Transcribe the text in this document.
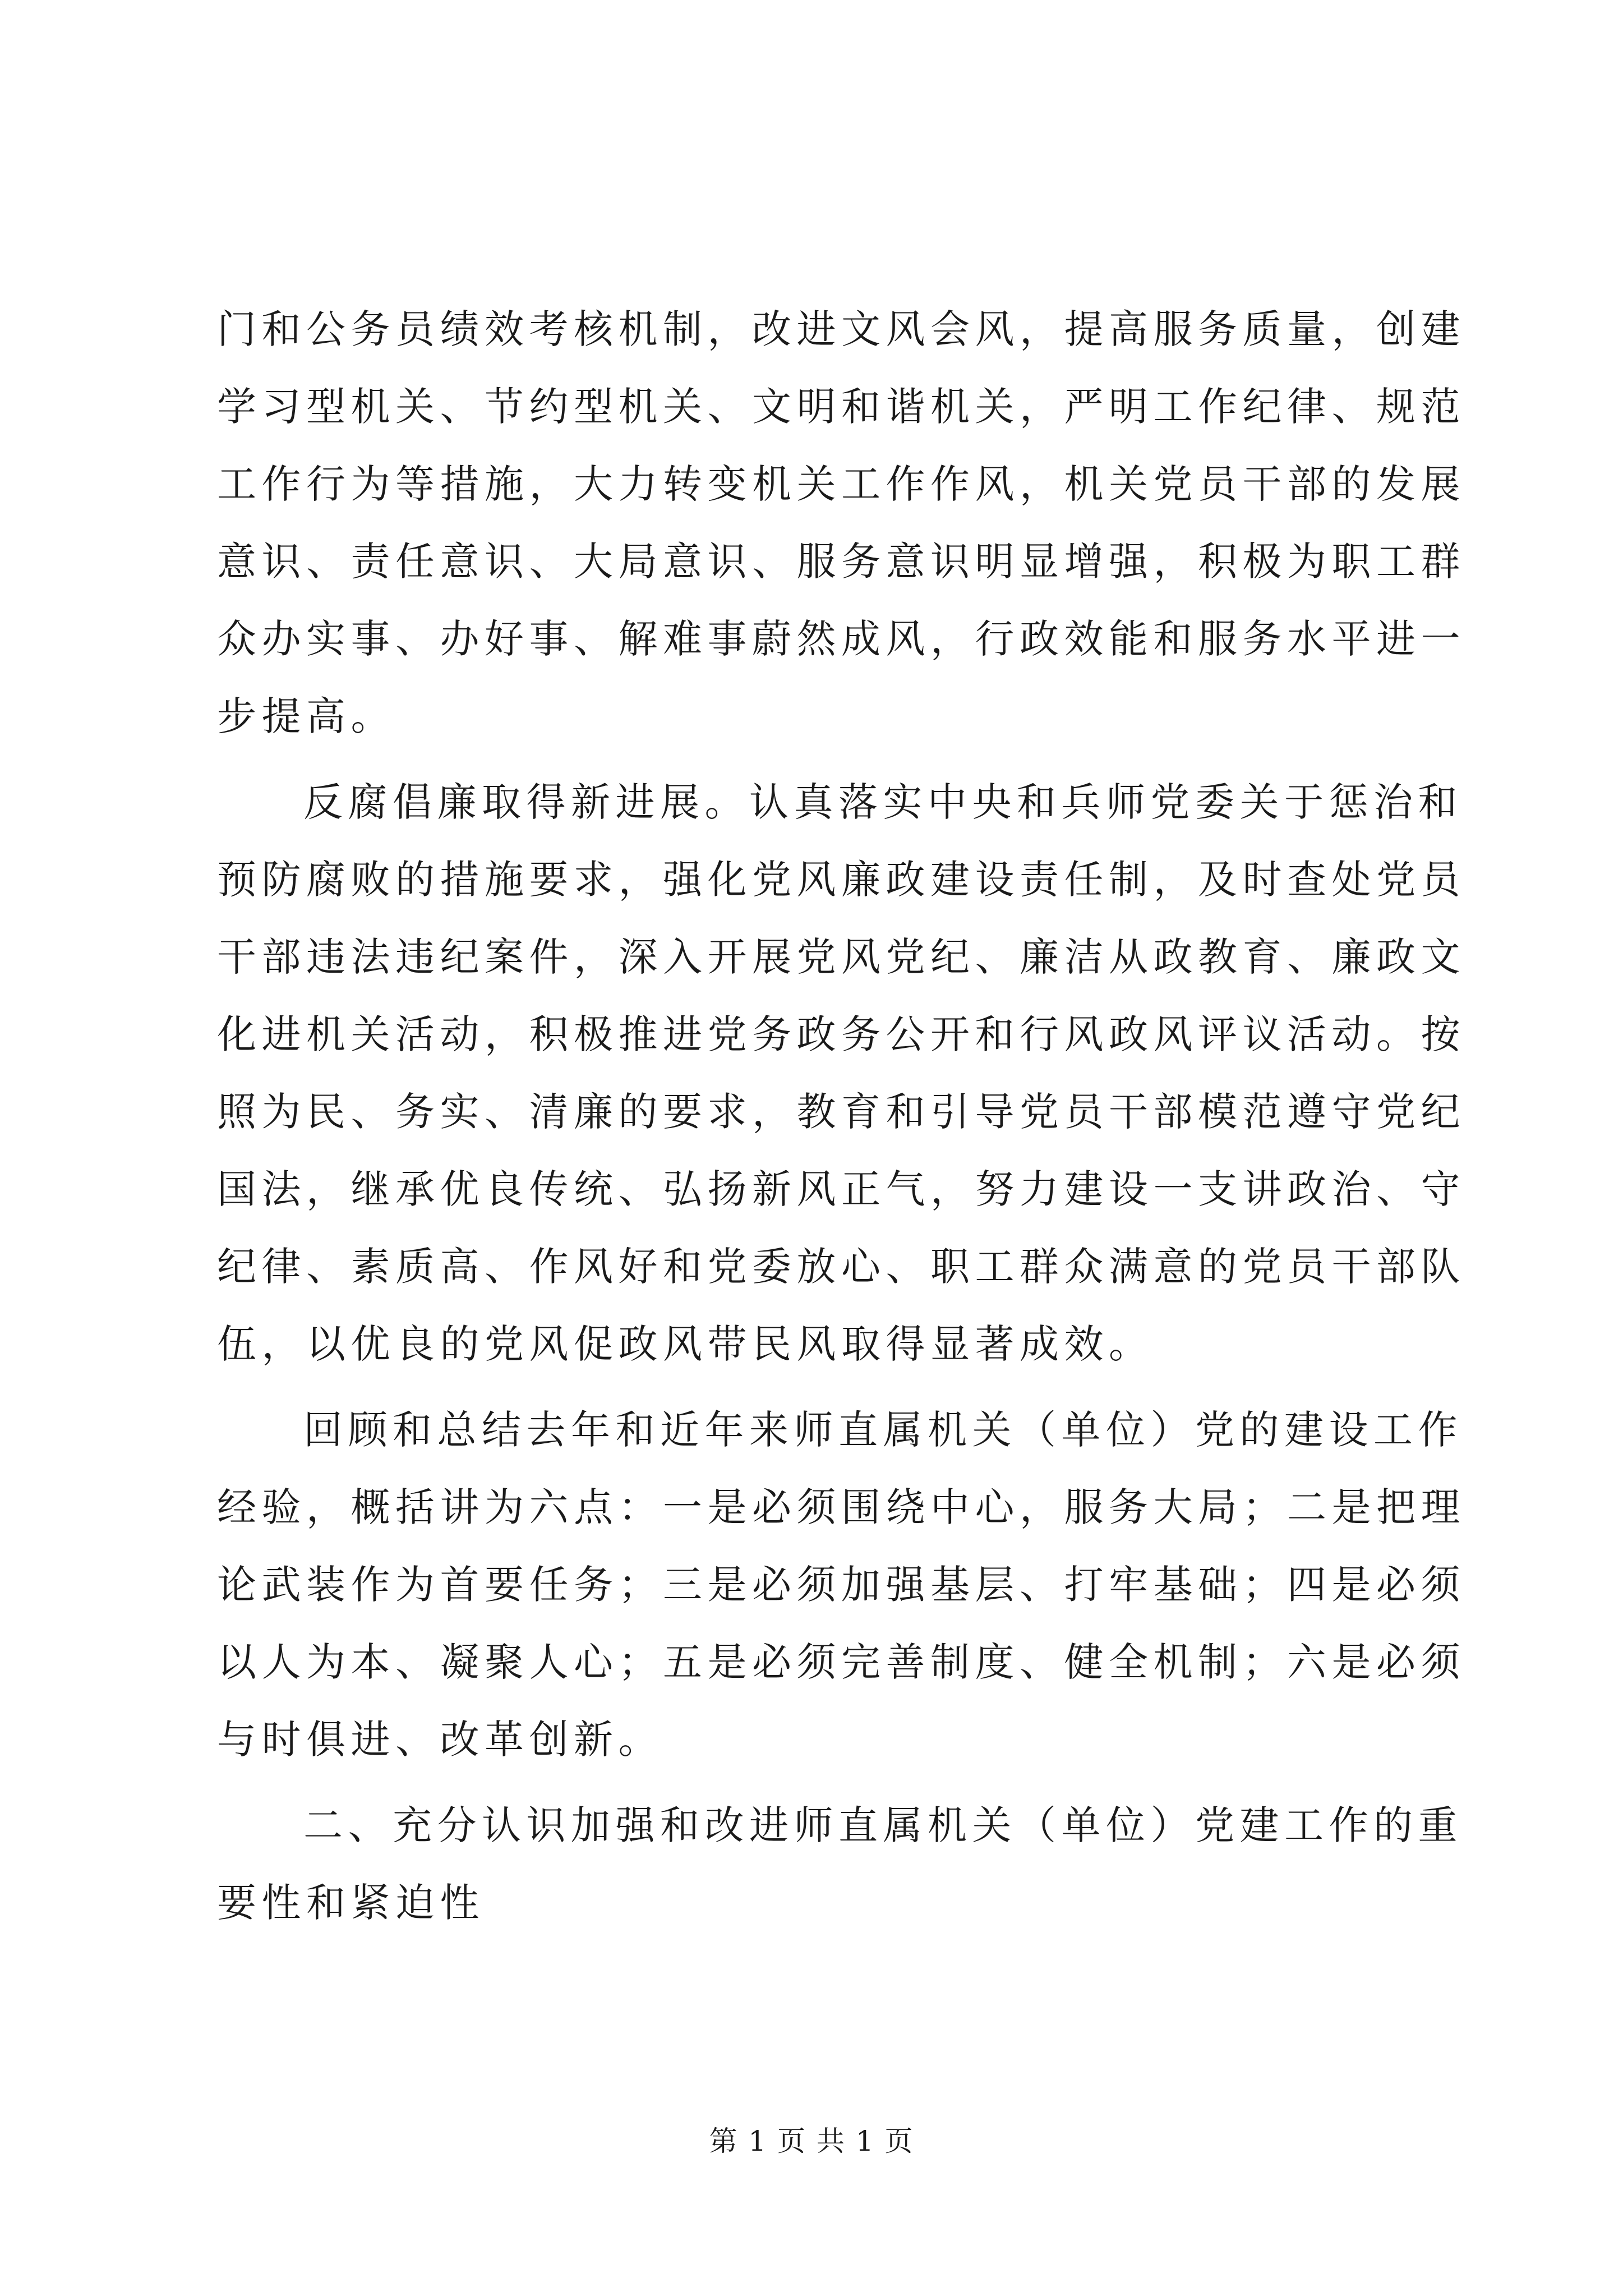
门和公务员绩效考核机制，改进文风会风，提高服务质量，创建
学习型机关、节约型机关、文明和谐机关，严明工作纪律、规范
工作行为等措施，大力转变机关工作作风，机关党员干部的发展
意识、责任意识、大局意识、服务意识明显增强，积极为职工群
众办实事、办好事、解难事蔚然成风，行政效能和服务水平进一
步提高。
反腐倡廉取得新进展。认真落实中央和兵师党委关于惩治和
预防腐败的措施要求，强化党风廉政建设责任制，及时查处党员
干部违法违纪案件，深入开展党风党纪、廉洁从政教育、廉政文
化进机关活动，积极推进党务政务公开和行风政风评议活动。按
照为民、务实、清廉的要求，教育和引导党员干部模范遵守党纪
国法，继承优良传统、弘扬新风正气，努力建设一支讲政治、守
纪律、素质高、作风好和党委放心、职工群众满意的党员干部队
伍，以优良的党风促政风带民风取得显著成效。
回顾和总结去年和近年来师直属机关（单位）党的建设工作
经验，概括讲为六点：一是必须围绕中心，服务大局；二是把理
论武装作为首要任务；三是必须加强基层、打牢基础；四是必须
以人为本、凝聚人心；五是必须完善制度、健全机制；六是必须
与时俱进、改革创新。
二、充分认识加强和改进师直属机关（单位）党建工作的重
要性和紧迫性
第 1 页 共 1 页
